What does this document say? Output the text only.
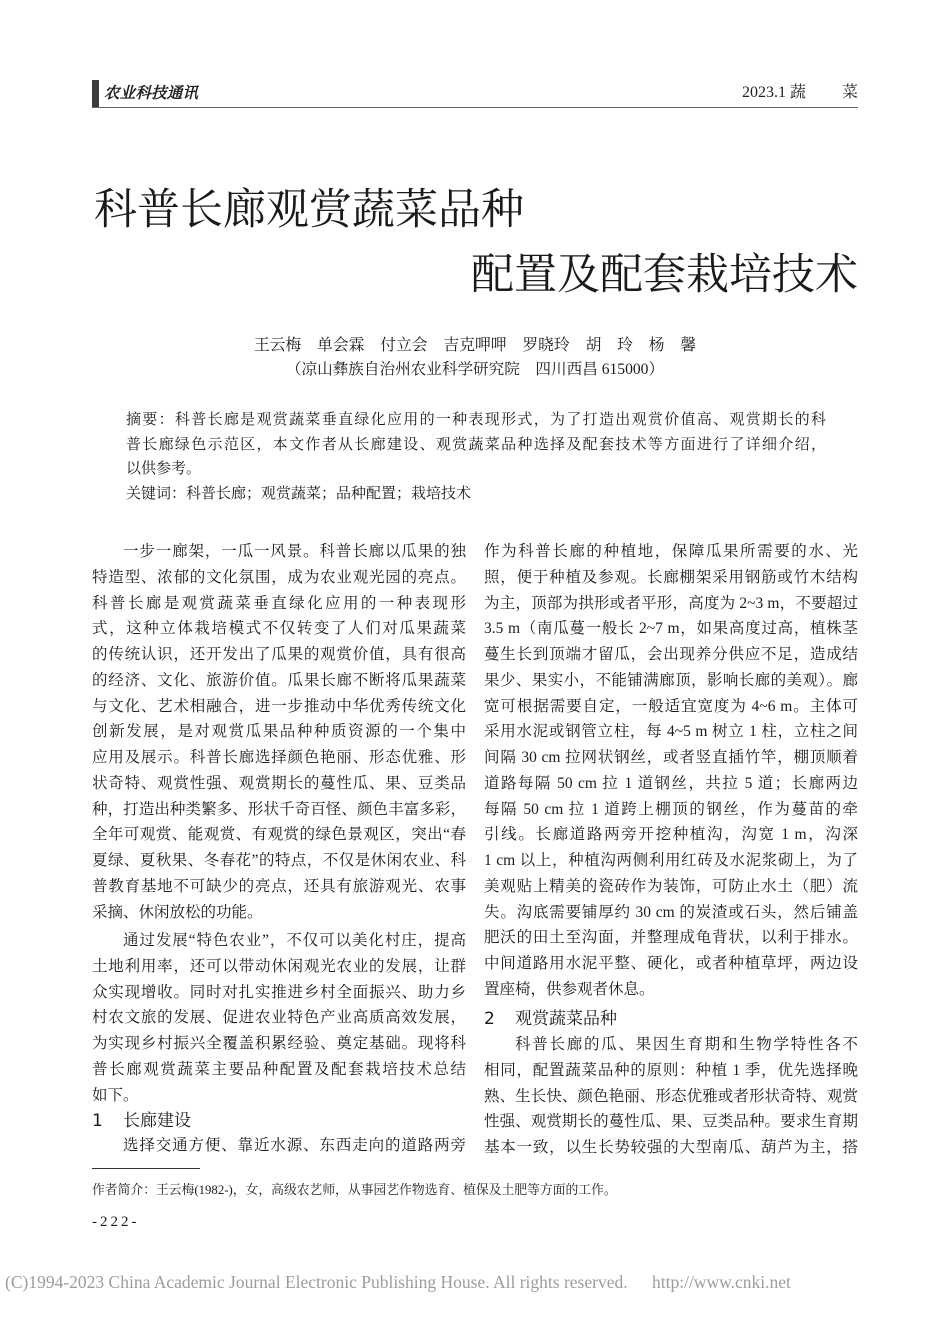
农业科技通讯	2023.1 蔬菜
科普长廊观赏蔬菜品种
配置及配套栽培技术
王云梅　单会霖　付立会　吉克呷呷　罗晓玲　胡　玲　杨　馨
（凉山彝族自治州农业科学研究院　四川西昌 615000）
摘要：科普长廊是观赏蔬菜垂直绿化应用的一种表现形式，为了打造出观赏价值高、观赏期长的科
普长廊绿色示范区，本文作者从长廊建设、观赏蔬菜品种选择及配套技术等方面进行了详细介绍，
以供参考。
关键词：科普长廊；观赏蔬菜；品种配置；栽培技术
一步一廊架，一瓜一风景。科普长廊以瓜果的独
特造型、浓郁的文化氛围，成为农业观光园的亮点。
科普长廊是观赏蔬菜垂直绿化应用的一种表现形
式，这种立体栽培模式不仅转变了人们对瓜果蔬菜
的传统认识，还开发出了瓜果的观赏价值，具有很高
的经济、文化、旅游价值。瓜果长廊不断将瓜果蔬菜
与文化、艺术相融合，进一步推动中华优秀传统文化
创新发展，是对观赏瓜果品种种质资源的一个集中
应用及展示。科普长廊选择颜色艳丽、形态优雅、形
状奇特、观赏性强、观赏期长的蔓性瓜、果、豆类品
种，打造出种类繁多、形状千奇百怪、颜色丰富多彩，
全年可观赏、能观赏、有观赏的绿色景观区，突出“春
夏绿、夏秋果、冬春花”的特点，不仅是休闲农业、科
普教育基地不可缺少的亮点，还具有旅游观光、农事
采摘、休闲放松的功能。
通过发展“特色农业”，不仅可以美化村庄，提高
土地利用率，还可以带动休闲观光农业的发展，让群
众实现增收。同时对扎实推进乡村全面振兴、助力乡
村农文旅的发展、促进农业特色产业高质高效发展，
为实现乡村振兴全覆盖积累经验、奠定基础。现将科
普长廊观赏蔬菜主要品种配置及配套栽培技术总结
如下。
1 长廊建设
选择交通方便、靠近水源、东西走向的道路两旁
作为科普长廊的种植地，保障瓜果所需要的水、光
照，便于种植及参观。长廊棚架采用钢筋或竹木结构
为主，顶部为拱形或者平形，高度为 2~3 m，不要超过
3.5 m（南瓜蔓一般长 2~7 m，如果高度过高，植株茎
蔓生长到顶端才留瓜，会出现养分供应不足，造成结
果少、果实小，不能铺满廊顶，影响长廊的美观）。廊
宽可根据需要自定，一般适宜宽度为 4~6 m。主体可
采用水泥或钢管立柱，每 4~5 m 树立 1 柱，立柱之间
间隔 30 cm 拉网状钢丝，或者竖直插竹竿，棚顶顺着
道路每隔 50 cm 拉 1 道钢丝，共拉 5 道；长廊两边
每隔 50 cm 拉 1 道跨上棚顶的钢丝，作为蔓苗的牵
引线。长廊道路两旁开挖种植沟，沟宽 1 m，沟深
1 cm 以上，种植沟两侧利用红砖及水泥浆砌上，为了
美观贴上精美的瓷砖作为装饰，可防止水土（肥）流
失。沟底需要铺厚约 30 cm 的炭渣或石头，然后铺盖
肥沃的田土至沟面，并整理成龟背状，以利于排水。
中间道路用水泥平整、硬化，或者种植草坪，两边设
置座椅，供参观者休息。
2 观赏蔬菜品种
科普长廊的瓜、果因生育期和生物学特性各不
相同，配置蔬菜品种的原则：种植 1 季，优先选择晚
熟、生长快、颜色艳丽、形态优雅或者形状奇特、观赏
性强、观赏期长的蔓性瓜、果、豆类品种。要求生育期
基本一致，以生长势较强的大型南瓜、葫芦为主，搭
作者简介：王云梅(1982-)，女，高级农艺师，从事园艺作物选育、植保及土肥等方面的工作。
-222-
(C)1994-2023 China Academic Journal Electronic Publishing House. All rights reserved. http://www.cnki.net
